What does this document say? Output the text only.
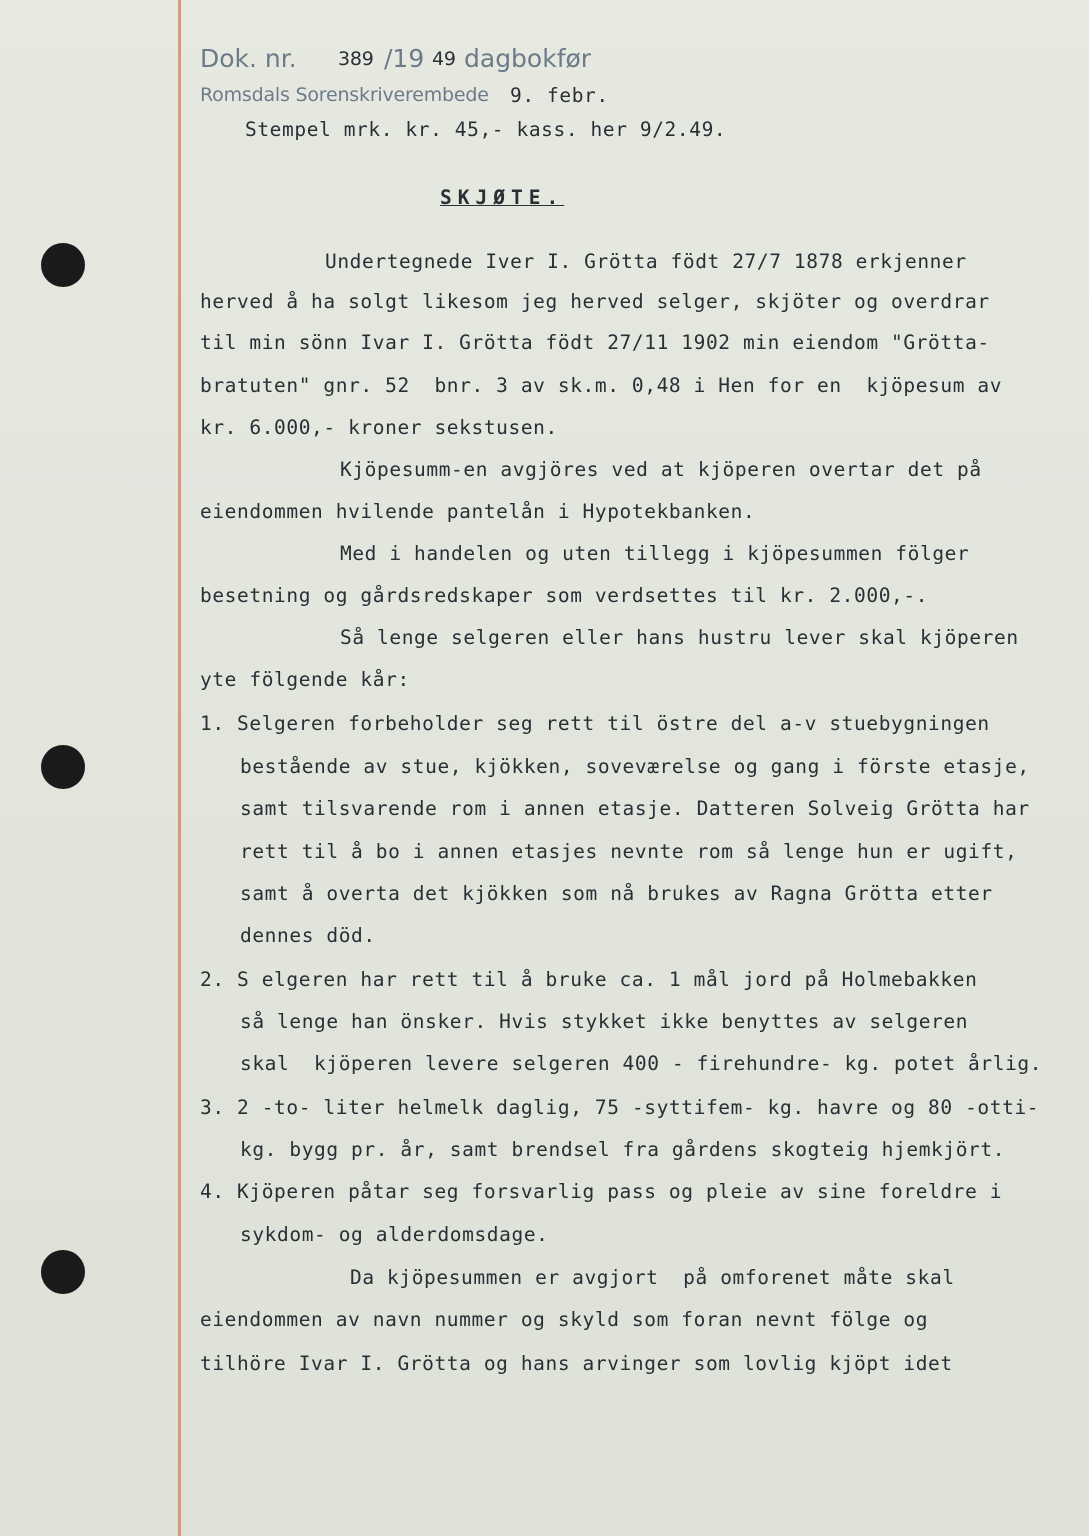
Dok. nr. 389 /19 49 dagbokfør
Romsdals Sorenskriverembede 9. febr.
Stempel mrk. kr. 45,- kass. her 9/2.49.
SKJØTE.
Undertegnede Iver I. Grötta födt 27/7 1878 erkjenner
herved å ha solgt likesom jeg herved selger, skjöter og overdrar
til min sönn Ivar I. Grötta födt 27/11 1902 min eiendom "Grötta-
bratuten" gnr. 52  bnr. 3 av sk.m. 0,48 i Hen for en  kjöpesum av
kr. 6.000,- kroner sekstusen.
Kjöpesumm-en avgjöres ved at kjöperen overtar det på
eiendommen hvilende pantelån i Hypotekbanken.
Med i handelen og uten tillegg i kjöpesummen fölger
besetning og gårdsredskaper som verdsettes til kr. 2.000,-.
Så lenge selgeren eller hans hustru lever skal kjöperen
yte fölgende kår:
1. Selgeren forbeholder seg rett til östre del a-v stuebygningen
bestående av stue, kjökken, soveværelse og gang i förste etasje,
samt tilsvarende rom i annen etasje. Datteren Solveig Grötta har
rett til å bo i annen etasjes nevnte rom så lenge hun er ugift,
samt å overta det kjökken som nå brukes av Ragna Grötta etter
dennes död.
2. S elgeren har rett til å bruke ca. 1 mål jord på Holmebakken
så lenge han önsker. Hvis stykket ikke benyttes av selgeren
skal  kjöperen levere selgeren 400 - firehundre- kg. potet årlig.
3. 2 -to- liter helmelk daglig, 75 -syttifem- kg. havre og 80 -otti-
kg. bygg pr. år, samt brendsel fra gårdens skogteig hjemkjört.
4. Kjöperen påtar seg forsvarlig pass og pleie av sine foreldre i
sykdom- og alderdomsdage.
Da kjöpesummen er avgjort  på omforenet måte skal
eiendommen av navn nummer og skyld som foran nevnt fölge og
tilhöre Ivar I. Grötta og hans arvinger som lovlig kjöpt idet
